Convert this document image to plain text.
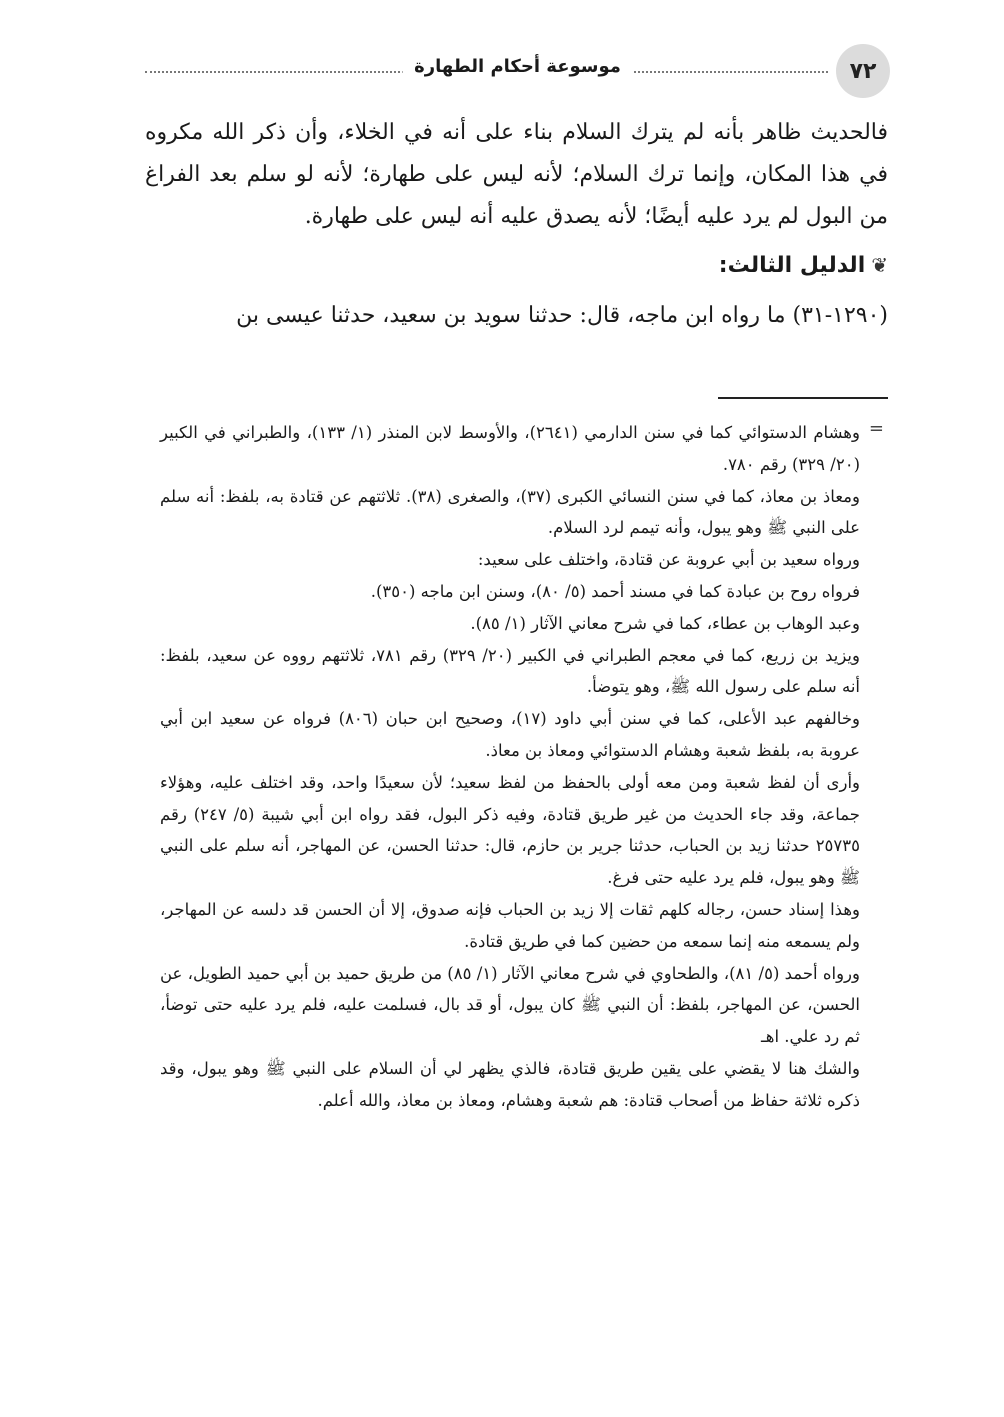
٧٢
موسوعة أحكام الطهارة

فالحديث ظاهر بأنه لم يترك السلام بناء على أنه في الخلاء، وأن ذكر الله مكروه في هذا المكان، وإنما ترك السلام؛ لأنه ليس على طهارة؛ لأنه لو سلم بعد الفراغ من البول لم يرد عليه أيضًا؛ لأنه يصدق عليه أنه ليس على طهارة.

❦الدليل الثالث:

(١٢٩٠-٣١) ما رواه ابن ماجه، قال: حدثنا سويد بن سعيد، حدثنا عيسى بن

=

وهشام الدستوائي كما في سنن الدارمي (٢٦٤١)، والأوسط لابن المنذر (١/ ١٣٣)، والطبراني في الكبير (٢٠/ ٣٢٩) رقم ٧٨٠.

ومعاذ بن معاذ، كما في سنن النسائي الكبرى (٣٧)، والصغرى (٣٨). ثلاثتهم عن قتادة به، بلفظ: أنه سلم على النبي ﷺ وهو يبول، وأنه تيمم لرد السلام.

ورواه سعيد بن أبي عروبة عن قتادة، واختلف على سعيد:

فرواه روح بن عبادة كما في مسند أحمد (٥/ ٨٠)، وسنن ابن ماجه (٣٥٠).

وعبد الوهاب بن عطاء، كما في شرح معاني الآثار (١/ ٨٥).

ويزيد بن زريع، كما في معجم الطبراني في الكبير (٢٠/ ٣٢٩) رقم ٧٨١، ثلاثتهم رووه عن سعيد، بلفظ: أنه سلم على رسول الله ﷺ، وهو يتوضأ.

وخالفهم عبد الأعلى، كما في سنن أبي داود (١٧)، وصحيح ابن حبان (٨٠٦) فرواه عن سعيد ابن أبي عروبة به، بلفظ شعبة وهشام الدستوائي ومعاذ بن معاذ.

وأرى أن لفظ شعبة ومن معه أولى بالحفظ من لفظ سعيد؛ لأن سعيدًا واحد، وقد اختلف عليه، وهؤلاء جماعة، وقد جاء الحديث من غير طريق قتادة، وفيه ذكر البول، فقد رواه ابن أبي شيبة (٥/ ٢٤٧) رقم ٢٥٧٣٥ حدثنا زيد بن الحباب، حدثنا جرير بن حازم، قال: حدثنا الحسن، عن المهاجر، أنه سلم على النبي ﷺ وهو يبول، فلم يرد عليه حتى فرغ.

وهذا إسناد حسن، رجاله كلهم ثقات إلا زيد بن الحباب فإنه صدوق، إلا أن الحسن قد دلسه عن المهاجر، ولم يسمعه منه إنما سمعه من حضين كما في طريق قتادة.

ورواه أحمد (٥/ ٨١)، والطحاوي في شرح معاني الآثار (١/ ٨٥) من طريق حميد بن أبي حميد الطويل، عن الحسن، عن المهاجر، بلفظ: أن النبي ﷺ كان يبول، أو قد بال، فسلمت عليه، فلم يرد عليه حتى توضأ، ثم رد علي. اهـ

والشك هنا لا يقضي على يقين طريق قتادة، فالذي يظهر لي أن السلام على النبي ﷺ وهو يبول، وقد ذكره ثلاثة حفاظ من أصحاب قتادة: هم شعبة وهشام، ومعاذ بن معاذ، والله أعلم.
